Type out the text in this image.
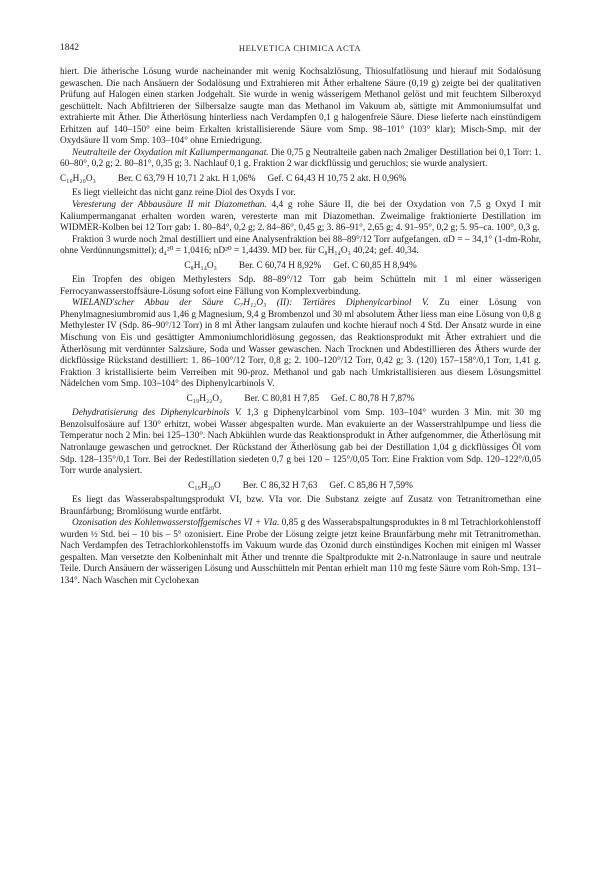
1842	HELVETICA CHIMICA ACTA

hiert. Die ätherische Lösung wurde nacheinander mit wenig Kochsalzlösung, Thiosulfatlösung und hierauf mit Sodalösung gewaschen. Die nach Ansäuern der Sodalösung und Extrahieren mit Äther erhaltene Säure (0,19 g) zeigte bei der qualitativen Prüfung auf Halogen einen starken Jodgehalt. Sie wurde in wenig wässerigem Methanol gelöst und mit feuchtem Silberoxyd geschüttelt. Nach Abfiltrieren der Silbersalze saugte man das Methanol im Vakuum ab, sättigte mit Ammoniumsulfat und extrahierte mit Äther. Die Ätherlösung hinterliess nach Verdampfen 0,1 g halogenfreie Säure. Diese lieferte nach einstündigem Erhitzen auf 140–150° eine beim Erkalten kristallisierende Säure vom Smp. 98–101° (103° klar); Misch-Smp. mit der Oxydsäure II vom Smp. 103–104° ohne Erniedrigung.

Neutralteile der Oxydation mit Kaliumpermanganat. Die 0,75 g Neutralteile gaben nach 2maliger Destillation bei 0,1 Torr: 1. 60–80°, 0,2 g; 2. 80–81°, 0,35 g; 3. Nachlauf 0,1 g. Fraktion 2 war dickflüssig und geruchlos; sie wurde analysiert.

C₁₀H₂₀O₃ Ber. C 63,79 H 10,71 2 akt. H 1,06% Gef. C 64,43 H 10,75 2 akt. H 0,96%

Es liegt vielleicht das nicht ganz reine Diol des Oxyds I vor.

Veresterung der Abbausäure II mit Diazomethan. 4,4 g rohe Säure II, die bei der Oxydation von 7,5 g Oxyd I mit Kaliumpermanganat erhalten worden waren, veresterte man mit Diazomethan. Zweimalige fraktionierte Destillation im WIDMER-Kolben bei 12 Torr gab: 1. 80–84°, 0,2 g; 2. 84–86°, 0,45 g; 3. 86–91°, 2,65 g; 4. 91–95°, 0,2 g; 5. 95–ca. 100°, 0,3 g.

Fraktion 3 wurde noch 2mal destilliert und eine Analysenfraktion bei 88–89°/12 Torr aufgefangen. αD = – 34,1° (1-dm-Rohr, ohne Verdünnungsmittel); d₄²⁰ = 1,0416; nD²⁰ = 1,4439. MD ber. für C₈H₁₄O₃ 40,24; gef. 40,34.

C₈H₁₄O₃ Ber. C 60,74 H 8,92% Gef. C 60,85 H 8,94%

Ein Tropfen des obigen Methylesters Sdp. 88–89°/12 Torr gab beim Schütteln mit 1 ml einer wässerigen Ferrocyanwasserstoffsäure-Lösung sofort eine Fällung von Komplexverbindung.

WIELAND'scher Abbau der Säure C₇H₁₂O₃ (II): Tertiäres Diphenylcarbinol V. Zu einer Lösung von Phenylmagnesiumbromid aus 1,46 g Magnesium, 9,4 g Brombenzol und 30 ml absolutem Äther liess man eine Lösung von 0,8 g Methylester IV (Sdp. 86–90°/12 Torr) in 8 ml Äther langsam zulaufen und kochte hierauf noch 4 Std. Der Ansatz wurde in eine Mischung von Eis und gesättigter Ammoniumchloridlösung gegossen, das Reaktionsprodukt mit Äther extrahiert und die Ätherlösung mit verdünnter Salzsäure, Soda und Wasser gewaschen. Nach Trocknen und Abdestillieren des Äthers wurde der dickflüssige Rückstand destilliert: 1. 86–100°/12 Torr, 0,8 g; 2. 100–120°/12 Torr, 0,42 g; 3. (120) 157–158°/0,1 Torr, 1,41 g. Fraktion 3 kristallisierte beim Verreiben mit 90-proz. Methanol und gab nach Umkristallisieren aus diesem Lösungsmittel Nädelchen vom Smp. 103–104° des Diphenylcarbinols V.

C₁₉H₂₂O₂ Ber. C 80,81 H 7,85 Gef. C 80,78 H 7,87%

Dehydratisierung des Diphenylcarbinols V. 1,3 g Diphenylcarbinol vom Smp. 103–104° wurden 3 Min. mit 30 mg Benzolsulfosäure auf 130° erhitzt, wobei Wasser abgespalten wurde. Man evakuierte an der Wasserstrahlpumpe und liess die Temperatur noch 2 Min. bei 125–130°. Nach Abkühlen wurde das Reaktionsprodukt in Äther aufgenommer, die Ätherlösung mit Natronlauge gewaschen und getrocknet. Der Rückstand der Ätherlösung gab bei der Destillation 1,04 g dickflüssiges Öl vom Sdp. 128–135°/0,1 Torr. Bei der Redestillation siedeten 0,7 g bei 120 – 125°/0,05 Torr. Eine Fraktion vom Sdp. 120–122°/0,05 Torr wurde analysiert.

C₁₉H₂₀O Ber. C 86,32 H 7,63 Gef. C 85,86 H 7,59%

Es liegt das Wasserabspaltungsprodukt VI, bzw. VIa vor. Die Substanz zeigte auf Zusatz von Tetranitromethan eine Braunfärbung; Bromlösung wurde entfärbt.

Ozonisation des Kohlenwasserstoffgemisches VI + VIa. 0,85 g des Wasserabspaltungsproduktes in 8 ml Tetrachlorkohlenstoff wurden ½ Std. bei – 10 bis – 5° ozonisiert. Eine Probe der Lösung zeigte jetzt keine Braunfärbung mehr mit Tetranitromethan. Nach Verdampfen des Tetrachlorkohlenstoffs im Vakuum wurde das Ozonid durch einstündiges Kochen mit einigen ml Wasser gespalten. Man versetzte den Kolbeninhalt mit Äther und trennte die Spaltprodukte mit 2-n.Natronlauge in saure und neutrale Teile. Durch Ansäuern der wässerigen Lösung und Ausschütteln mit Pentan erhielt man 110 mg feste Säure vom Roh-Smp. 131–134°. Nach Waschen mit Cyclohexan
